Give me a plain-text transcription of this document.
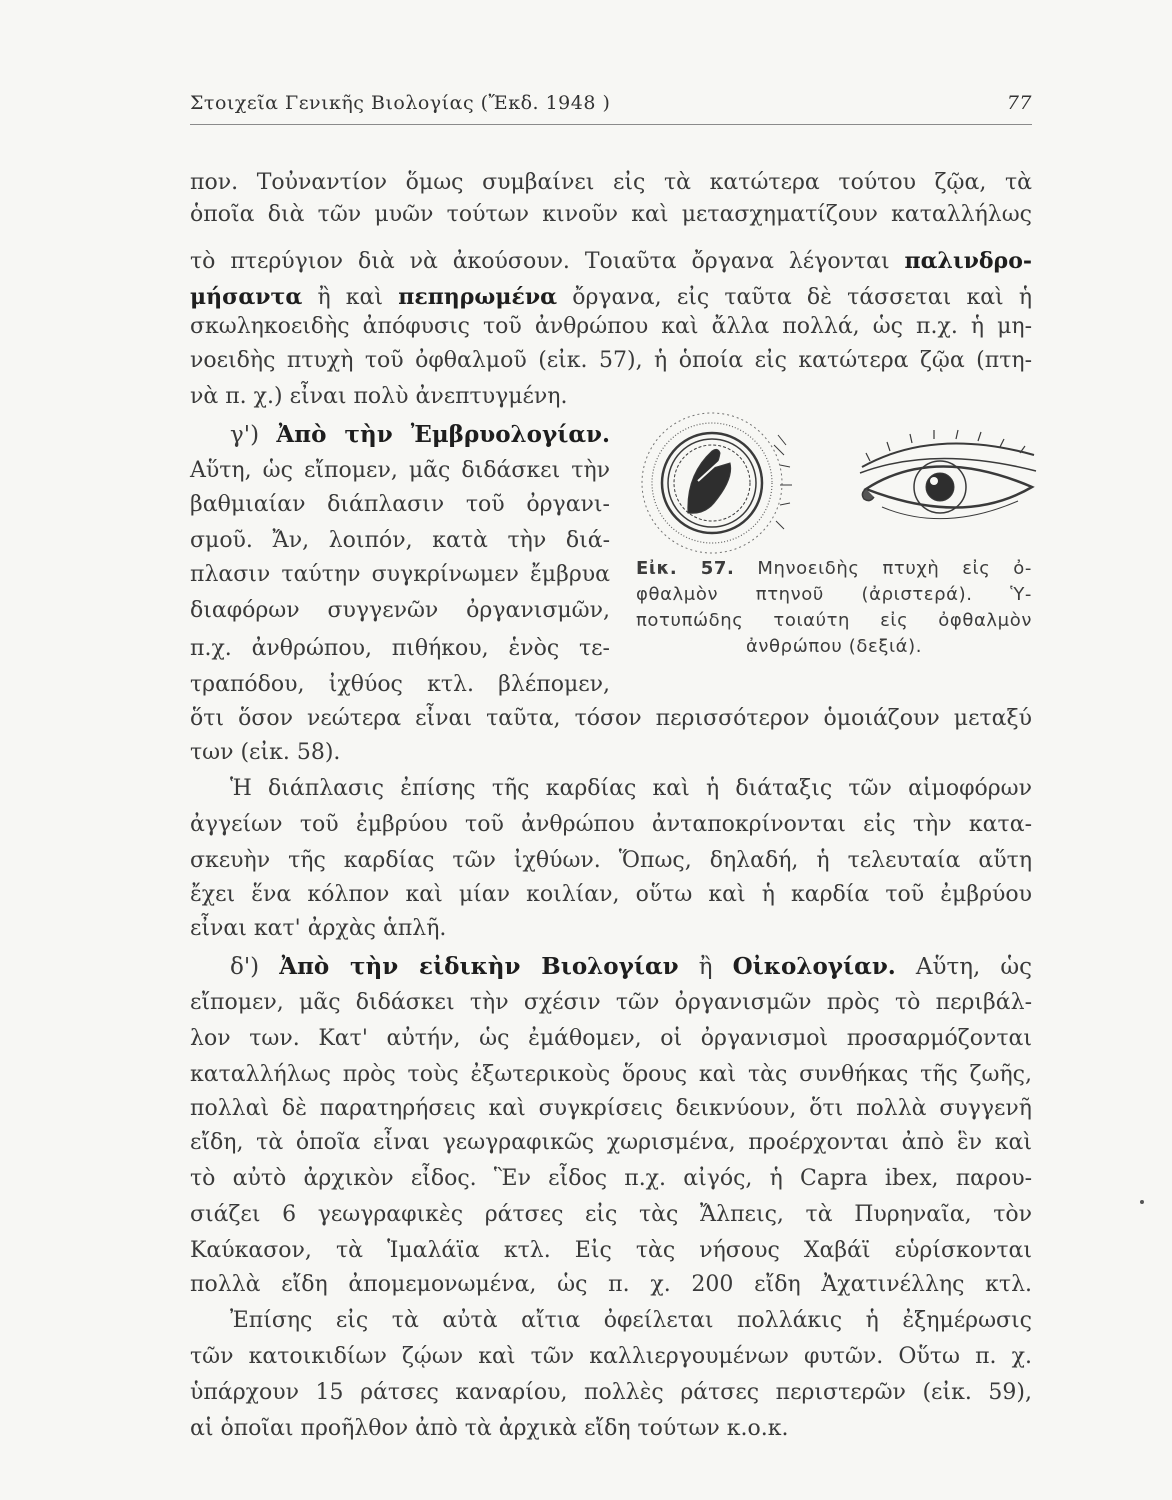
Στοιχεῖα Γενικῆς Βιολογίας (Ἔκδ. 1948 )	77
πον. Τοὐναντίον ὅμως συμβαίνει εἰς τὰ κατώτερα τούτου ζῷα, τὰ
ὁποῖα διὰ τῶν μυῶν τούτων κινοῦν καὶ μετασχηματίζουν καταλλήλως
τὸ πτερύγιον διὰ νὰ ἀκούσουν. Τοιαῦτα ὄργανα λέγονται παλινδρο-
μήσαντα ἢ καὶ πεπηρωμένα ὄργανα, εἰς ταῦτα δὲ τάσσεται καὶ ἡ
σκωληκοειδὴς ἀπόφυσις τοῦ ἀνθρώπου καὶ ἄλλα πολλά, ὡς π.χ. ἡ μη-
νοειδὴς πτυχὴ τοῦ ὀφθαλμοῦ (εἰκ. 57), ἡ ὁποία εἰς κατώτερα ζῷα (πτη-
νὰ π. χ.) εἶναι πολὺ ἀνεπτυγμένη.
γ') Ἀπὸ τὴν Ἐμβρυολογίαν.
Αὕτη, ὡς εἴπομεν, μᾶς διδάσκει τὴν
βαθμιαίαν διάπλασιν τοῦ ὀργανι-
σμοῦ. Ἄν, λοιπόν, κατὰ τὴν διά-
πλασιν ταύτην συγκρίνωμεν ἔμβρυα
διαφόρων συγγενῶν ὀργανισμῶν,
π.χ. ἀνθρώπου, πιθήκου, ἑνὸς τε-
τραπόδου, ἰχθύος κτλ. βλέπομεν,
ὅτι ὅσον νεώτερα εἶναι ταῦτα, τόσον περισσότερον ὁμοιάζουν μεταξύ
των (εἰκ. 58).
Ἡ διάπλασις ἐπίσης τῆς καρδίας καὶ ἡ διάταξις τῶν αἱμοφόρων
ἀγγείων τοῦ ἐμβρύου τοῦ ἀνθρώπου ἀνταποκρίνονται εἰς τὴν κατα-
σκευὴν τῆς καρδίας τῶν ἰχθύων. Ὅπως, δηλαδή, ἡ τελευταία αὕτη
ἔχει ἕνα κόλπον καὶ μίαν κοιλίαν, οὕτω καὶ ἡ καρδία τοῦ ἐμβρύου
εἶναι κατ' ἀρχὰς ἁπλῆ.
δ') Ἀπὸ τὴν εἰδικὴν Βιολογίαν ἢ Οἰκολογίαν. Αὕτη, ὡς
εἴπομεν, μᾶς διδάσκει τὴν σχέσιν τῶν ὀργανισμῶν πρὸς τὸ περιβάλ-
λον των. Κατ' αὐτήν, ὡς ἐμάθομεν, οἱ ὀργανισμοὶ προσαρμόζονται
καταλλήλως πρὸς τοὺς ἐξωτερικοὺς ὅρους καὶ τὰς συνθήκας τῆς ζωῆς,
πολλαὶ δὲ παρατηρήσεις καὶ συγκρίσεις δεικνύουν, ὅτι πολλὰ συγγενῆ
εἴδη, τὰ ὁποῖα εἶναι γεωγραφικῶς χωρισμένα, προέρχονται ἀπὸ ἓν καὶ
τὸ αὐτὸ ἀρχικὸν εἶδος. Ἓν εἶδος π.χ. αἰγός, ἡ Capra ibex, παρου-
σιάζει 6 γεωγραφικὲς ράτσες εἰς τὰς Ἄλπεις, τὰ Πυρηναῖα, τὸν
Καύκασον, τὰ Ἱμαλάϊα κτλ. Εἰς τὰς νήσους Χαβάϊ εὑρίσκονται
πολλὰ εἴδη ἀπομεμονωμένα, ὡς π. χ. 200 εἴδη Ἀχατινέλλης κτλ.
Ἐπίσης εἰς τὰ αὐτὰ αἴτια ὀφείλεται πολλάκις ἡ ἐξημέρωσις
τῶν κατοικιδίων ζῴων καὶ τῶν καλλιεργουμένων φυτῶν. Οὕτω π. χ.
ὑπάρχουν 15 ράτσες καναρίου, πολλὲς ράτσες περιστερῶν (εἰκ. 59),
αἱ ὁποῖαι προῆλθον ἀπὸ τὰ ἀρχικὰ εἴδη τούτων κ.ο.κ.
Εἰκ. 57. Μηνοειδὴς πτυχὴ εἰς ὀ-
φθαλμὸν πτηνοῦ (ἀριστερά). Ὑ-
ποτυπώδης τοιαύτη εἰς ὀφθαλμὸν
ἀνθρώπου (δεξιά).
